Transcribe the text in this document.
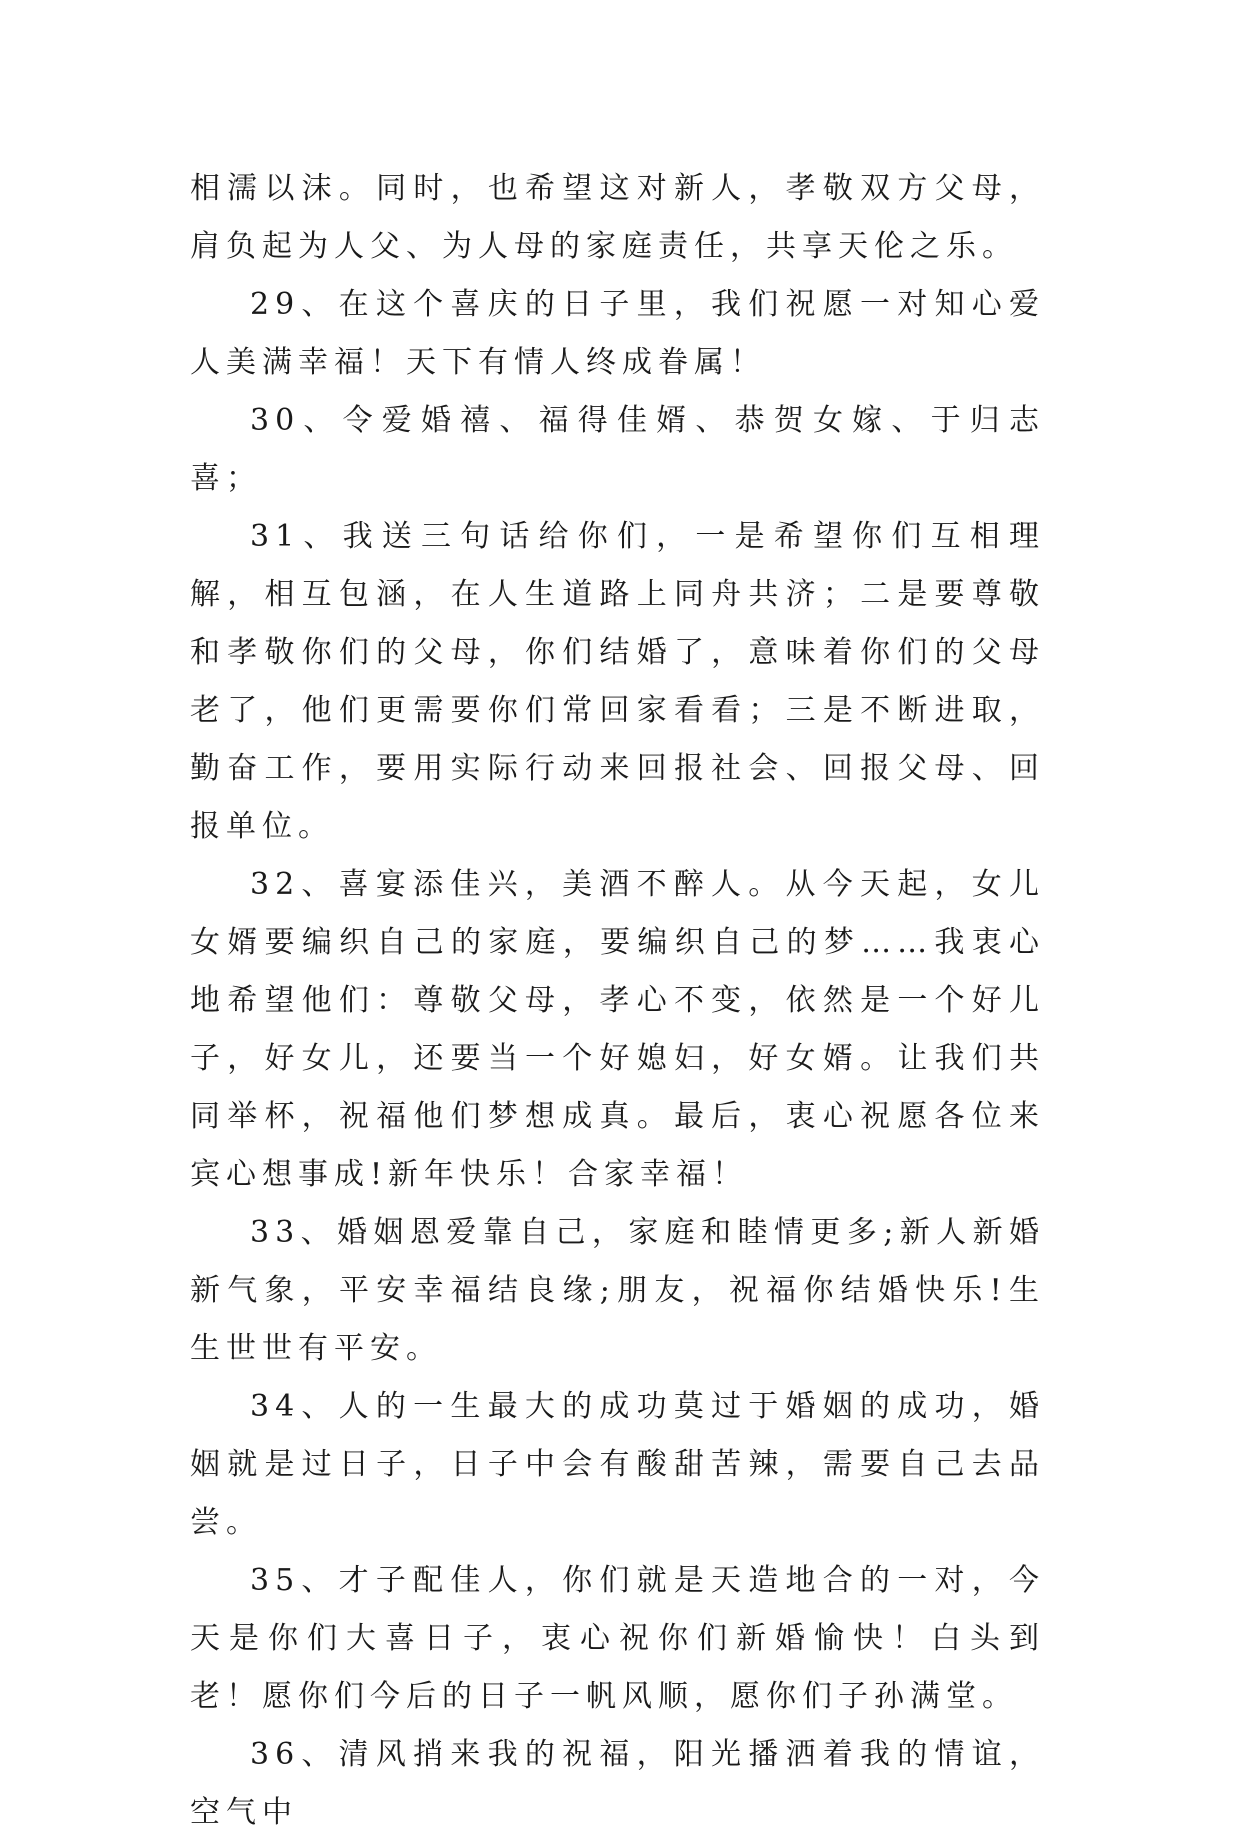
相濡以沫。同时，也希望这对新人，孝敬双方父母，肩负起为人父、为人母的家庭责任，共享天伦之乐。

29、在这个喜庆的日子里，我们祝愿一对知心爱人美满幸福！天下有情人终成眷属！

30、令爱婚禧、福得佳婿、恭贺女嫁、于归志喜；

31、我送三句话给你们，一是希望你们互相理解，相互包涵，在人生道路上同舟共济；二是要尊敬和孝敬你们的父母，你们结婚了，意味着你们的父母老了，他们更需要你们常回家看看；三是不断进取，勤奋工作，要用实际行动来回报社会、回报父母、回报单位。

32、喜宴添佳兴，美酒不醉人。从今天起，女儿女婿要编织自己的家庭，要编织自己的梦……我衷心地希望他们：尊敬父母，孝心不变，依然是一个好儿子，好女儿，还要当一个好媳妇，好女婿。让我们共同举杯，祝福他们梦想成真。最后，衷心祝愿各位来宾心想事成!新年快乐！合家幸福！

33、婚姻恩爱靠自己，家庭和睦情更多;新人新婚新气象，平安幸福结良缘;朋友，祝福你结婚快乐!生生世世有平安。

34、人的一生最大的成功莫过于婚姻的成功，婚姻就是过日子，日子中会有酸甜苦辣，需要自己去品尝。

35、才子配佳人，你们就是天造地合的一对，今天是你们大喜日子，衷心祝你们新婚愉快！白头到老！愿你们今后的日子一帆风顺，愿你们子孙满堂。

36、清风捎来我的祝福，阳光播洒着我的情谊，空气中
